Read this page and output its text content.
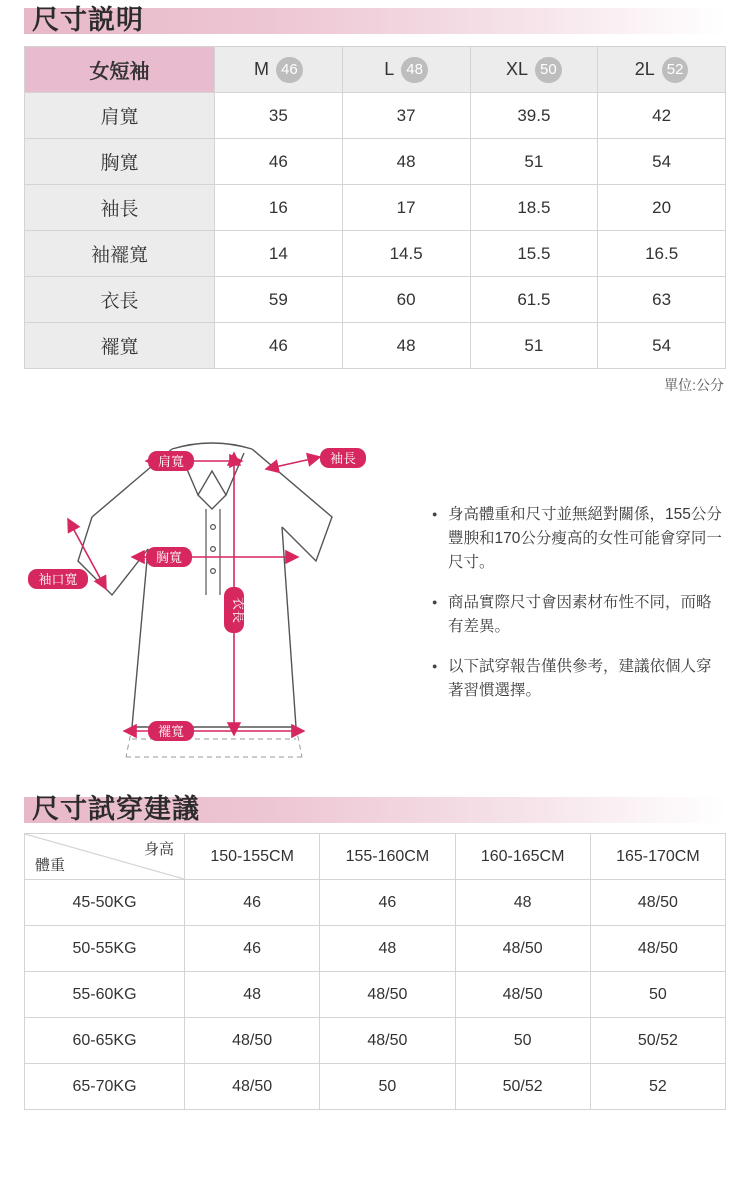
尺寸説明
女短袖	M 46	L 48	XL 50	2L 52
肩寬	35	37	39.5	42
胸寬	46	48	51	54
袖長	16	17	18.5	20
袖襬寬	14	14.5	15.5	16.5
衣長	59	60	61.5	63
襬寬	46	48	51	54
單位:公分
肩寬	袖長
袖口寬
胸寬
衣長
襬寬
● 身高體重和尺寸並無絕對關係，155公分豐腴和170公分瘦高的女性可能會穿同一尺寸。
● 商品實際尺寸會因素材布性不同，而略有差異。
● 以下試穿報告僅供參考，建議依個人穿著習慣選擇。
尺寸試穿建議
身高
體重	150-155CM	155-160CM	160-165CM	165-170CM
45-50KG	46	46	48	48/50
50-55KG	46	48	48/50	48/50
55-60KG	48	48/50	48/50	50
60-65KG	48/50	48/50	50	50/52
65-70KG	48/50	50	50/52	52
